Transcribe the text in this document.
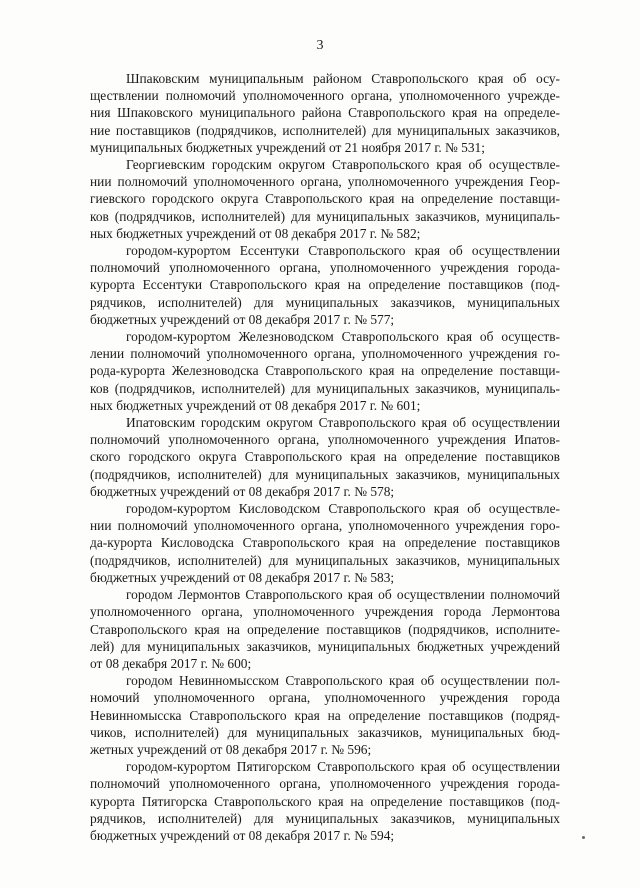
3

Шпаковским муниципальным районом Ставропольского края об осу-
ществлении полномочий уполномоченного органа, уполномоченного учрежде-
ния Шпаковского муниципального района Ставропольского края на определе-
ние поставщиков (подрядчиков, исполнителей) для муниципальных заказчиков,
муниципальных бюджетных учреждений от 21 ноября 2017 г. № 531;

Георгиевским городским округом Ставропольского края об осуществле-
нии полномочий уполномоченного органа, уполномоченного учреждения Геор-
гиевского городского округа Ставропольского края на определение поставщи-
ков (подрядчиков, исполнителей) для муниципальных заказчиков, муниципаль-
ных бюджетных учреждений от 08 декабря 2017 г. № 582;

городом-курортом Ессентуки Ставропольского края об осуществлении
полномочий уполномоченного органа, уполномоченного учреждения города-
курорта Ессентуки Ставропольского края на определение поставщиков (под-
рядчиков, исполнителей) для муниципальных заказчиков, муниципальных
бюджетных учреждений от 08 декабря 2017 г. № 577;

городом-курортом Железноводском Ставропольского края об осуществ-
лении полномочий уполномоченного органа, уполномоченного учреждения го-
рода-курорта Железноводска Ставропольского края на определение поставщи-
ков (подрядчиков, исполнителей) для муниципальных заказчиков, муниципаль-
ных бюджетных учреждений от 08 декабря 2017 г. № 601;

Ипатовским городским округом Ставропольского края об осуществлении
полномочий уполномоченного органа, уполномоченного учреждения Ипатов-
ского городского округа Ставропольского края на определение поставщиков
(подрядчиков, исполнителей) для муниципальных заказчиков, муниципальных
бюджетных учреждений от 08 декабря 2017 г. № 578;

городом-курортом Кисловодском Ставропольского края об осуществле-
нии полномочий уполномоченного органа, уполномоченного учреждения горо-
да-курорта Кисловодска Ставропольского края на определение поставщиков
(подрядчиков, исполнителей) для муниципальных заказчиков, муниципальных
бюджетных учреждений от 08 декабря 2017 г. № 583;

городом Лермонтов Ставропольского края об осуществлении полномочий
уполномоченного органа, уполномоченного учреждения города Лермонтова
Ставропольского края на определение поставщиков (подрядчиков, исполните-
лей) для муниципальных заказчиков, муниципальных бюджетных учреждений
от 08 декабря 2017 г. № 600;

городом Невинномысском Ставропольского края об осуществлении пол-
номочий уполномоченного органа, уполномоченного учреждения города
Невинномысска Ставропольского края на определение поставщиков (подряд-
чиков, исполнителей) для муниципальных заказчиков, муниципальных бюд-
жетных учреждений от 08 декабря 2017 г. № 596;

городом-курортом Пятигорском Ставропольского края об осуществлении
полномочий уполномоченного органа, уполномоченного учреждения города-
курорта Пятигорска Ставропольского края на определение поставщиков (под-
рядчиков, исполнителей) для муниципальных заказчиков, муниципальных
бюджетных учреждений от 08 декабря 2017 г. № 594;
